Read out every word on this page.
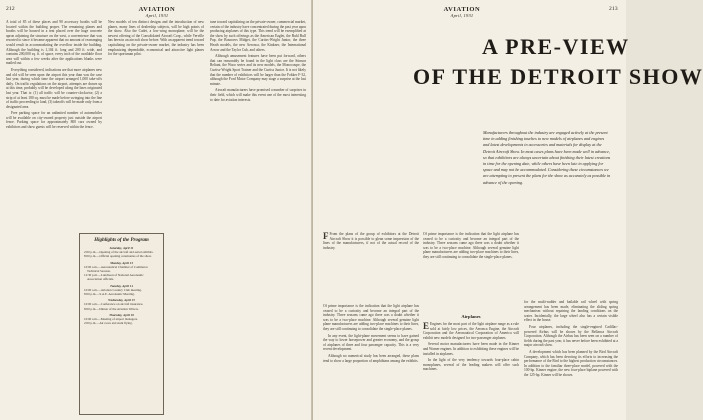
212	AVIATION
April, 1931

A total of 85 of these places and 90 accessory booths will be located within the building proper. The remaining planes and booths will be housed in a tent placed over the huge concrete apron adjoining the structure on the west, a convenience that was resorted to since it became apparent that no amount of rearranging would result in accommodating the overflow inside the building. Although the building is 1,104 ft. long and 200 ft. wide, and contains 200,000 sq. ft. of space, every inch of the available floor area will within a few weeks after the applications blanks were mailed out.

Everything considered, indications are that more airplanes new and old will be seen upon the airport this year than was the case last year, during which time the airport arranged 1,000 take-offs daily. On traffic regulations on the airport, attempts are drawn up at this time, probably will be developed along the lines originated last year. That is: (1) all traffic will be counter-clockwise, (2) a strip of at least 180 sq. must be made before swinging into the line of traffic proceeding to land, (3) takeoffs will be made only from a designated area.

Free parking space for an unlimited number of automobiles will be available on city-owned property just outside the airport fence. Parking space for approximately 800 cars owned by exhibitors and show guests will be reserved within the fence.

New models of ten distinct designs and the introduction of new planes, many lines of dealership subjects, will be high points of the show. Also the Cadet, a low-wing monoplane, will be the newest offering of the Consolidated Aircraft Corp., while Verville has been in an aircraft show before. With an apparent trend toward capitalizing on the private-owner market, the industry has been emphasizing dependable, economical and attractive light planes for the sportsman pilot.

tune toward capitalizing on the private-owner, commercial market, certain of the industry have concentrated during the past year upon producing airplanes of this type. This trend will be exemplified at the show by such offerings as the American Eaglet, the Buhl Bull Pup, the Bouncers Midget, the Curtiss-Wright Junior, the three Heath models, the new Aeronca, the Kinkner, the International Arrow and the Taylor Cub, and others.

Although amusement features have been put forward, others that can reasonably be found in the light class are the Stinson Reliant, the Waco series and its new models, the Monocoupe, the Curtiss-Wright Sport Trainer and the Curtiss Junior. It is not likely that the number of exhibitors will be larger than the Fokker F-32, although the Ford Motor Company may stage a surprise at the last minute.

Aircraft manufacturers have promised a number of surprises in their field, which will make this event one of the most interesting to date for aviation interests.

Highlights of the Program
Saturday, April 11

2:00 p.m.—Opening of the aircraft and aerial exhibits.

8:00 p.m.—Official opening ceremonies of the show.

Monday, April 13

10:00 a.m.—Aeronautical Chamber of Commerce Technical Session.

12:30 p.m.—Luncheon of National Aeronautic Association officials.

Tuesday, April 14

10:00 a.m.—Aviation Country Club meeting.

8:00 p.m.—S.A.E. Aeronautic Meeting.

Wednesday, April 15

10:00 a.m.—Conference on aircraft insurance.

8:00 p.m.—Dinner of the Aviation Writers.

Thursday, April 16

10:00 a.m.—Meeting of airport managers.

2:00 p.m.—Air races and stunt flying.

AVIATION
April, 1931
213
A PRE-VIEW
OF THE DETROIT SHOW
Manufacturers throughout the industry are engaged actively at the present time in adding finishing touches to new models of airplanes and engines and latest developments in accessories and materials for display at the Detroit Aircraft Show. In most cases plans have been made well in advance, so that exhibitors are always uncertain about finishing their latest creations in time for the opening date, while others have been late in applying for space and may not be accommodated. Considering these circumstances we are attempting to present the plans for the show as accurately as possible in advance of the opening.

F From the plans of the group of exhibitors at the Detroit Aircraft Show it is possible to glean some impression of the lines of the manufacturers, if not of the actual record of the industry.

Of prime importance is the indication that the light airplane has ceased to be a curiosity and become an integral part of the industry. Three seasons came ago there was a doubt whether it was to be a two-place machine. Although several genuine light plane manufacturers are adding two-place machines to their lines, they are still continuing to consolidate the single-place planes.

In any event, the light-plane movement seems to have gained the way to lower horsepower and greater economy, and the group of airplanes of three and four passenger capacity. This is a very recent development.

Although no numerical study has been arranged, these plans tend to show a large proportion of amphibians among the exhibits.

Of prime importance is the indication that the light airplane has ceased to be a curiosity and become an integral part of the industry. Three seasons came ago there was a doubt whether it was to be a two-place machine. Although several genuine light plane manufacturers are adding two-place machines to their lines, they are still continuing to consolidate the single-place planes.

Airplanes

E Engines for the most part of the light airplane range as a rule sold at fairly low prices, the Aeronca Engine, the Aircraft Corporation and the Aeronautical Corporation of America will exhibit new models designed for two-passenger airplanes.

Several motor manufacturers have been made in the Kinner and Warner engines. In addition to exhibiting these engines will be installed in airplanes.

In the light of the very tendency towards four-place cabin monoplanes, several of the leading makers will offer such machines.

for the multi-rudder and bailable rail wheel with spring arrangement has been made, eliminating the sliding spring mechanism without repairing the landing conditions on the water. Incidentally, the large wheel also has a certain visible effect in the house.

Four airplanes, including the single-engined Cadillac-powered Airbus will be shown by the Bellanca Aircraft Corporation. Although the Airbus has been seen on a number of fields during the past year, it has never before been exhibited at a major aircraft show.

A development which has been planned by the Bird Aircraft Company, which has been devoting its efforts to increasing the performance of the Bird to the highest production circumstances. In addition to the familiar three-place model, powered with the 100-hp. Kinner engine, the new four-place biplane powered with the 125-hp. Kinner will be shown.
